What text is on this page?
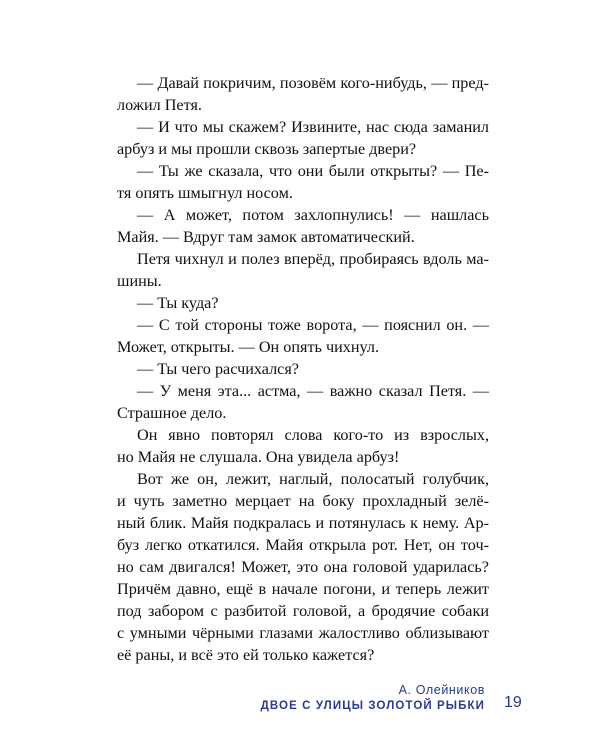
— Давай покричим, позовём кого-нибудь, — пред-
ложил Петя.
— И что мы скажем? Извините, нас сюда заманил
арбуз и мы прошли сквозь запертые двери?
— Ты же сказала, что они были открыты? — Пе-
тя опять шмыгнул носом.
— А может, потом захлопнулись! — нашлась
Майя. — Вдруг там замок автоматический.
Петя чихнул и полез вперёд, пробираясь вдоль ма-
шины.
— Ты куда?
— С той стороны тоже ворота, — пояснил он. —
Может, открыты. — Он опять чихнул.
— Ты чего расчихался?
— У меня эта... астма, — важно сказал Петя. —
Страшное дело.
Он явно повторял слова кого-то из взрослых,
но Майя не слушала. Она увидела арбуз!
Вот же он, лежит, наглый, полосатый голубчик,
и чуть заметно мерцает на боку прохладный зелё-
ный блик. Майя подкралась и потянулась к нему. Ар-
буз легко откатился. Майя открыла рот. Нет, он точ-
но сам двигался! Может, это она головой ударилась?
Причём давно, ещё в начале погони, и теперь лежит
под забором с разбитой головой, а бродячие собаки
с умными чёрными глазами жалостливо облизывают
её раны, и всё это ей только кажется?
А. Олейников
ДВОЕ С УЛИЦЫ ЗОЛОТОЙ РЫБКИ 19
